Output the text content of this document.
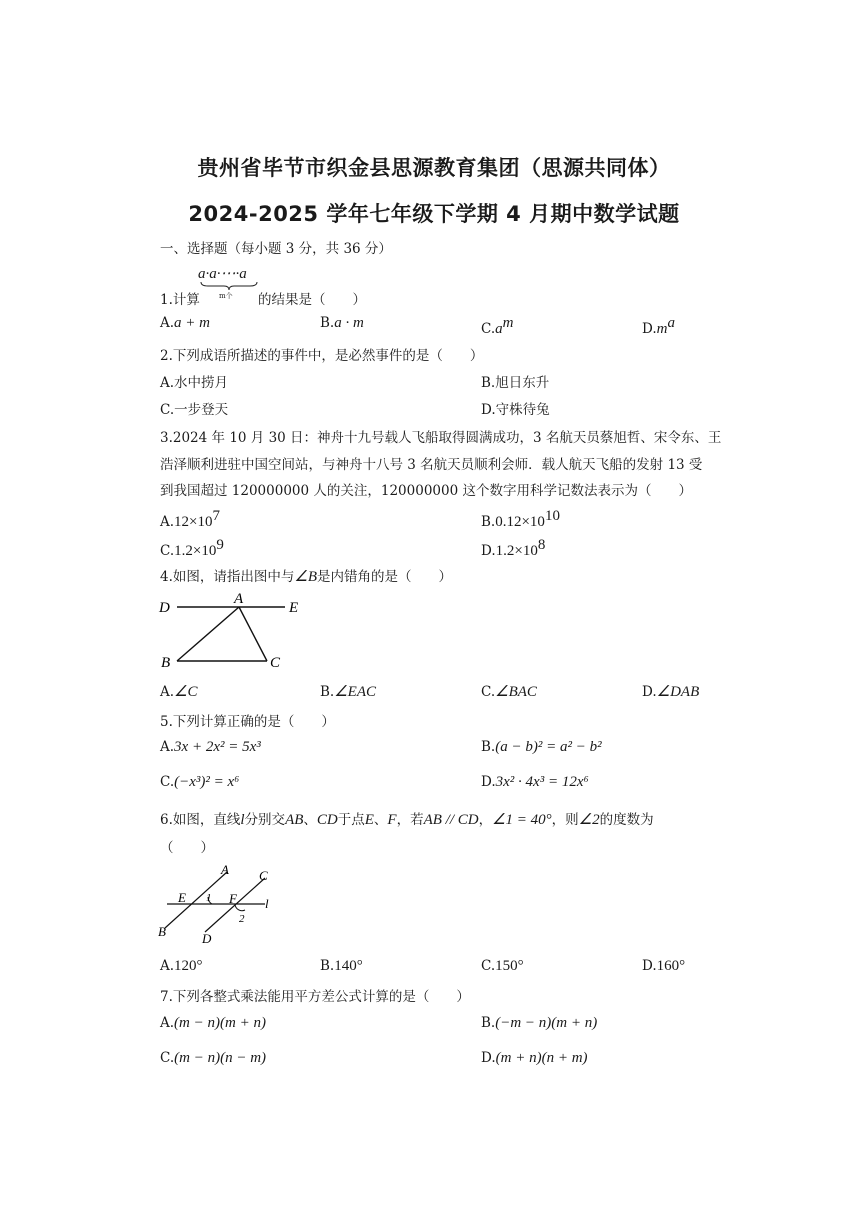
贵州省毕节市织金县思源教育集团（思源共同体）
2024-2025 学年七年级下学期 4 月期中数学试题
一、选择题（每小题 3 分，共 36 分）
a·a·⋯·a
m个
1.计算	的结果是（　　）
A.a + m	B.a · m	$C.a^m$	$D.m^a$
2.下列成语所描述的事件中，是必然事件的是（　　）
A.水中捞月	B.旭日东升
C.一步登天	D.守株待兔
3.2024 年 10 月 30 日：神舟十九号载人飞船取得圆满成功，3 名航天员蔡旭哲、宋令东、王
浩泽顺利进驻中国空间站，与神舟十八号 3 名航天员顺利会师．载人航天飞船的发射 13 受
到我国超过 120000000 人的关注，120000000 这个数字用科学记数法表示为（　　）
$A.12\times 10^7$	$B.0.12\times 10^{10}$
$C.1.2\times 10^9$	$D.1.2\times 10^8$
4.如图，请指出图中与∠B是内错角的是（　　）
D
A
E
B	C
A.∠C	B.∠EAC	C.∠BAC	D.∠DAB
5.下列计算正确的是（　　）
A.3x + 2x² = 5x³	B.(a − b)² = a² − b²
C.(−x³)² = x⁶	D.3x² · 4x³ = 12x⁶
6.如图，直线l分别交AB、CD于点E、F，若AB // CD，∠1 = 40°，则∠2的度数为
（　　）
A C
E 1 F
2
l
B	D
A.120°	B.140°	C.150°	D.160°
7.下列各整式乘法能用平方差公式计算的是（　　）
A.(m − n)(m + n)	B.(−m − n)(m + n)
C.(m − n)(n − m)	D.(m + n)(n + m)
